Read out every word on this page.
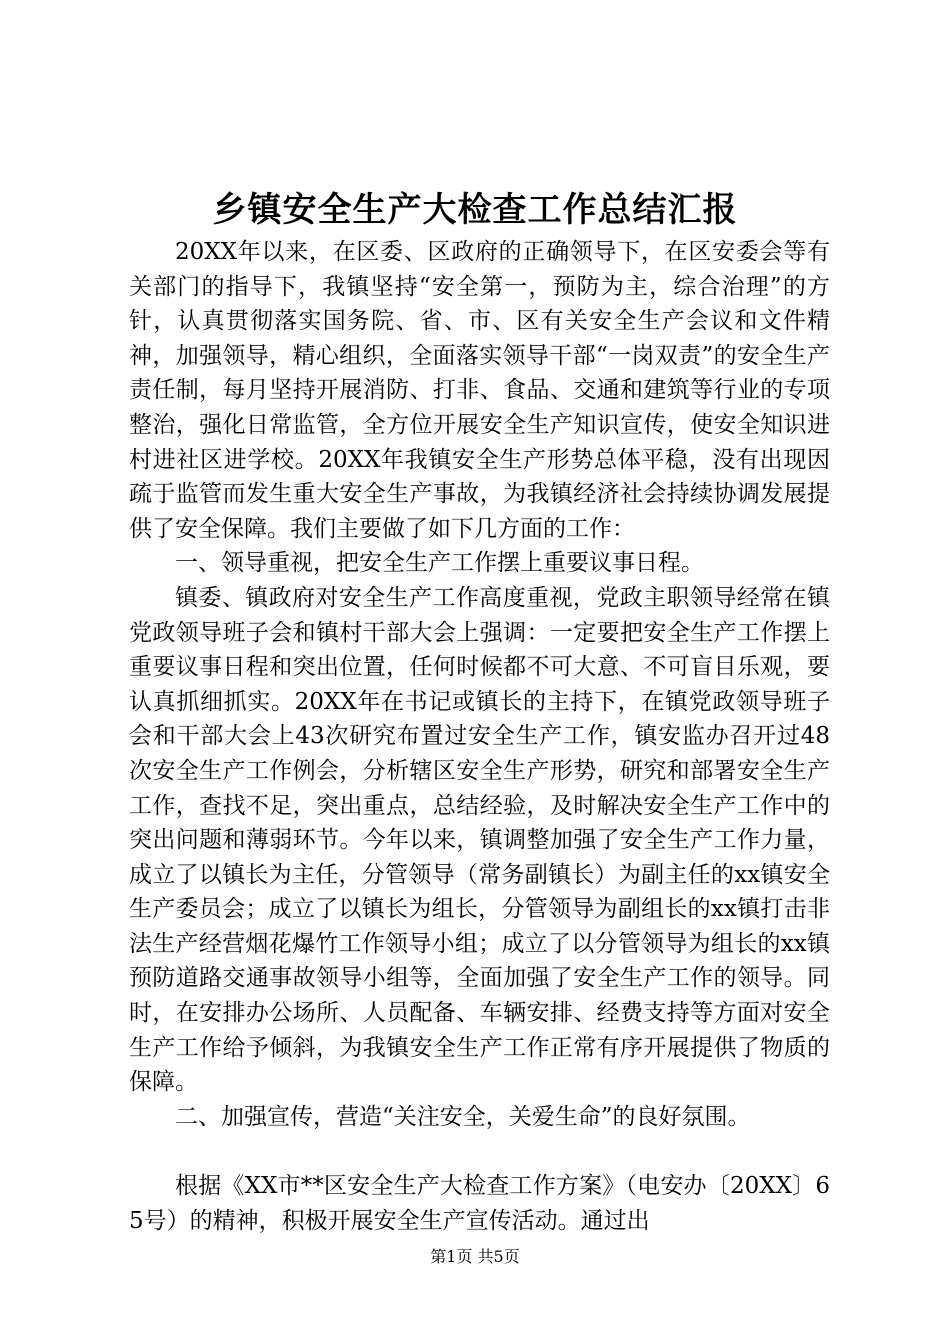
乡镇安全生产大检查工作总结汇报

20XX年以来，在区委、区政府的正确领导下，在区安委会等有关部门的指导下，我镇坚持“安全第一，预防为主，综合治理”的方针，认真贯彻落实国务院、省、市、区有关安全生产会议和文件精神，加强领导，精心组织，全面落实领导干部“一岗双责”的安全生产责任制，每月坚持开展消防、打非、食品、交通和建筑等行业的专项整治，强化日常监管，全方位开展安全生产知识宣传，使安全知识进村进社区进学校。20XX年我镇安全生产形势总体平稳，没有出现因疏于监管而发生重大安全生产事故，为我镇经济社会持续协调发展提供了安全保障。我们主要做了如下几方面的工作：

一、领导重视，把安全生产工作摆上重要议事日程。

镇委、镇政府对安全生产工作高度重视，党政主职领导经常在镇党政领导班子会和镇村干部大会上强调：一定要把安全生产工作摆上重要议事日程和突出位置，任何时候都不可大意、不可盲目乐观，要认真抓细抓实。20XX年在书记或镇长的主持下，在镇党政领导班子会和干部大会上43次研究布置过安全生产工作，镇安监办召开过48次安全生产工作例会，分析辖区安全生产形势，研究和部署安全生产工作，查找不足，突出重点，总结经验，及时解决安全生产工作中的突出问题和薄弱环节。今年以来，镇调整加强了安全生产工作力量，成立了以镇长为主任，分管领导（常务副镇长）为副主任的xx镇安全生产委员会；成立了以镇长为组长，分管领导为副组长的xx镇打击非法生产经营烟花爆竹工作领导小组；成立了以分管领导为组长的xx镇预防道路交通事故领导小组等，全面加强了安全生产工作的领导。同时，在安排办公场所、人员配备、车辆安排、经费支持等方面对安全生产工作给予倾斜，为我镇安全生产工作正常有序开展提供了物质的保障。

二、加强宣传，营造“关注安全，关爱生命”的良好氛围。

根据《XX市**区安全生产大检查工作方案》（电安办〔20XX〕65号）的精神，积极开展安全生产宣传活动。通过出

第1页 共5页
